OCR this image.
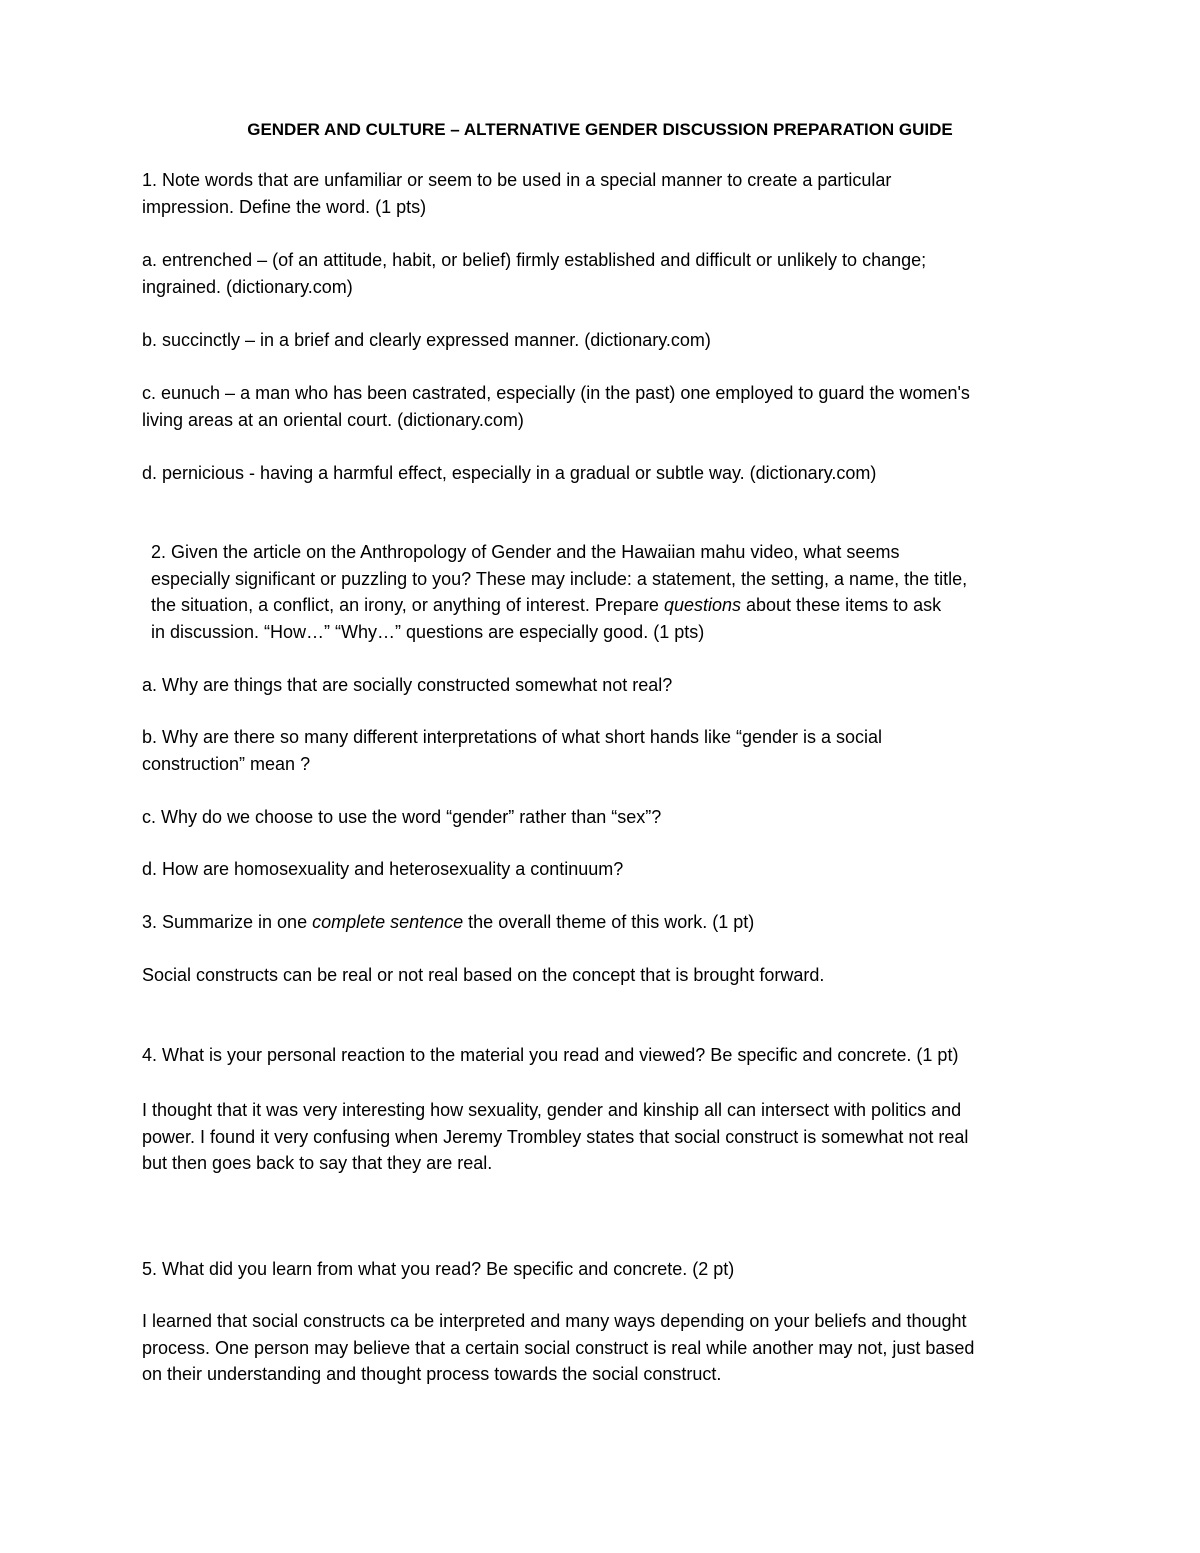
GENDER AND CULTURE – ALTERNATIVE GENDER DISCUSSION PREPARATION GUIDE

1. Note words that are unfamiliar or seem to be used in a special manner to create a particular
impression. Define the word. (1 pts)
a. entrenched – (of an attitude, habit, or belief) firmly established and difficult or unlikely to change;
ingrained. (dictionary.com)
b. succinctly – in a brief and clearly expressed manner. (dictionary.com)
c. eunuch – a man who has been castrated, especially (in the past) one employed to guard the women's
living areas at an oriental court. (dictionary.com)
d. pernicious - having a harmful effect, especially in a gradual or subtle way. (dictionary.com)
2. Given the article on the Anthropology of Gender and the Hawaiian mahu video, what seems
especially significant or puzzling to you? These may include: a statement, the setting, a name, the title,
the situation, a conflict, an irony, or anything of interest. Prepare questions about these items to ask
in discussion. “How…” “Why…” questions are especially good. (1 pts)
a. Why are things that are socially constructed somewhat not real?
b. Why are there so many different interpretations of what short hands like “gender is a social
construction” mean ?
c. Why do we choose to use the word “gender” rather than “sex”?
d. How are homosexuality and heterosexuality a continuum?
3. Summarize in one complete sentence the overall theme of this work. (1 pt)
Social constructs can be real or not real based on the concept that is brought forward.
4. What is your personal reaction to the material you read and viewed? Be specific and concrete. (1 pt)
I thought that it was very interesting how sexuality, gender and kinship all can intersect with politics and
power. I found it very confusing when Jeremy Trombley states that social construct is somewhat not real
but then goes back to say that they are real.
5. What did you learn from what you read? Be specific and concrete. (2 pt)
I learned that social constructs ca be interpreted and many ways depending on your beliefs and thought
process. One person may believe that a certain social construct is real while another may not, just based
on their understanding and thought process towards the social construct.
